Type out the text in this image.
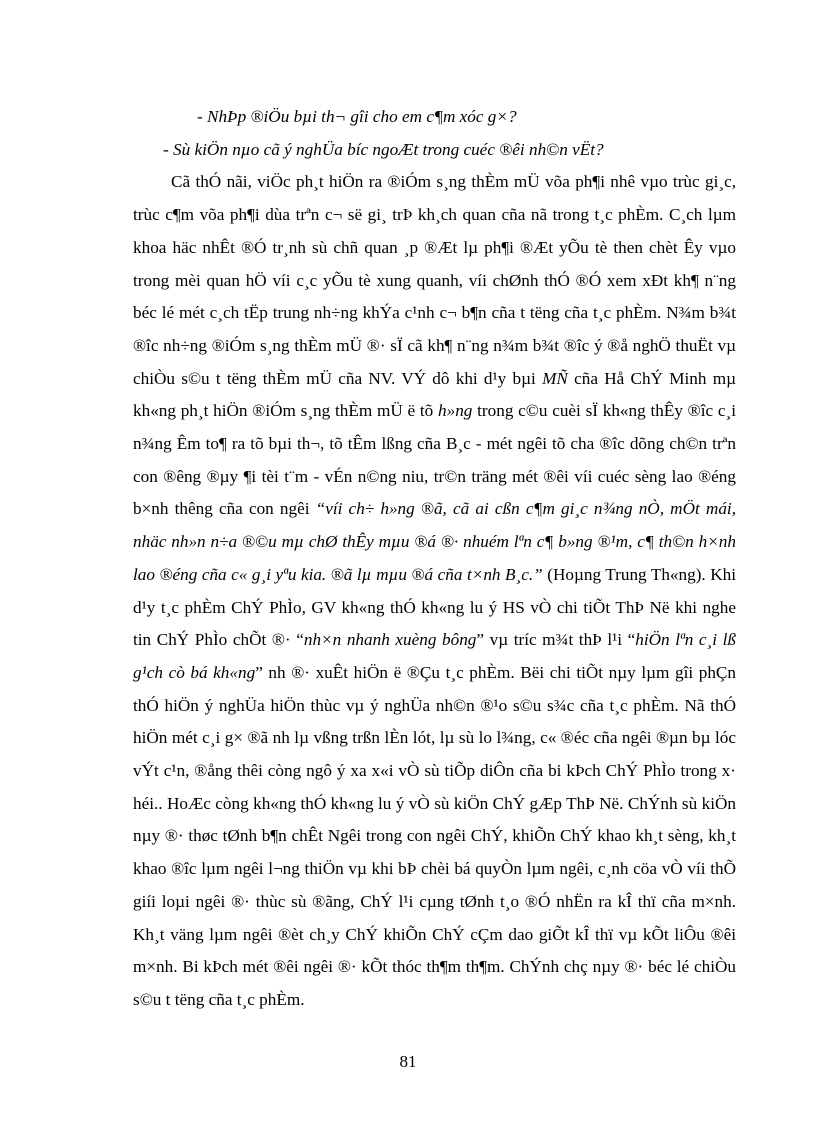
- NhÞp ®iÖu bµi th¬ gîi cho em c¶m xóc g×?

- Sù kiÖn nµo cã ý nghÜa bíc ngoÆt trong cuéc ®êi nh©n vËt?

Cã thÓ nãi, viÖc ph¸t hiÖn ra ®iÓm s¸ng thÈm mÜ võa ph¶i nhê vµo trùc gi¸c, trùc c¶m võa ph¶i dùa trªn c¬ së gi¸ trÞ kh¸ch quan cña nã trong t¸c phÈm. C¸ch lµm khoa häc nhÊt ®Ó tr¸nh sù chñ quan ¸p ®Æt lµ ph¶i ®Æt yÕu tè then chèt Êy vµo trong mèi quan hÖ víi c¸c yÕu tè xung quanh, víi chØnh thÓ ®Ó xem xÐt kh¶ n¨ng béc lé mét c¸ch tËp trung nh÷ng khÝa c¹nh c¬ b¶n cña t tëng cña t¸c phÈm. N¾m b¾t ®îc nh÷ng ®iÓm s¸ng thÈm mÜ ®· sÏ cã kh¶ n¨ng n¾m b¾t ®îc ý ®å nghÖ thuËt vµ chiÒu s©u t tëng thÈm mÜ cña NV. VÝ dô khi d¹y bµi MÑ cña Hå ChÝ Minh mµ kh«ng ph¸t hiÖn ®iÓm s¸ng thÈm mÜ ë tõ h»ng trong c©u cuèi sÏ kh«ng thÊy ®îc c¸i n¾ng Êm to¶ ra tõ bµi th¬, tõ tÊm lßng cña B¸c - mét ngêi tõ cha ®îc dõng ch©n trªn con ®êng ®µy ¶i tèi t¨m - vÉn n©ng niu, tr©n träng mét ®êi víi cuéc sèng lao ®éng b×nh thêng cña con ngêi “víi ch÷ h»ng ®ã, cã ai cßn c¶m gi¸c n¾ng nÒ, mÖt mái, nhäc nh»n n÷a ®©u mµ chØ thÊy mµu ®á ®· nhuém lªn c¶ b»ng ®¹m, c¶ th©n h×nh lao ®éng cña c« g¸i yªu kia. ®ã lµ mµu ®á cña t×nh B¸c.” (Hoµng Trung Th«ng). Khi d¹y t¸c phÈm ChÝ PhÌo, GV kh«ng thÓ kh«ng lu ý HS vÒ chi tiÕt ThÞ Në khi nghe tin ChÝ PhÌo chÕt ®· “nh×n nhanh xuèng bông” vµ tríc m¾t thÞ l¹i “hiÖn lªn c¸i lß g¹ch cò bá kh«ng” nh ®· xuÊt hiÖn ë ®Çu t¸c phÈm. Bëi chi tiÕt nµy lµm gîi phÇn thÓ hiÖn ý nghÜa hiÖn thùc vµ ý nghÜa nh©n ®¹o s©u s¾c cña t¸c phÈm. Nã thÓ hiÖn mét c¸i g× ®ã nh lµ vßng trßn lÈn lót, lµ sù lo l¾ng, c« ®éc cña ngêi ®µn bµ lóc vÝt c¹n, ®ång thêi còng ngô ý xa x«i vÒ sù tiÕp diÔn cña bi kÞch ChÝ PhÌo trong x· héi.. HoÆc còng kh«ng thÓ kh«ng lu ý vÒ sù kiÖn ChÝ gÆp ThÞ Në. ChÝnh sù kiÖn nµy ®· thøc tØnh b¶n chÊt Ngêi trong con ngêi ChÝ, khiÕn ChÝ khao kh¸t sèng, kh¸t khao ®îc lµm ngêi l¬ng thiÖn vµ khi bÞ chèi bá quyÒn lµm ngêi, c¸nh cöa vÒ víi thÕ giíi loµi ngêi ®· thùc sù ®ãng, ChÝ l¹i cµng tØnh t¸o ®Ó nhËn ra kÎ thï cña m×nh. Kh¸t väng lµm ngêi ®èt ch¸y ChÝ khiÕn ChÝ cÇm dao giÕt kÎ thï vµ kÕt liÔu ®êi m×nh. Bi kÞch mét ®êi ngêi ®· kÕt thóc th¶m th¶m. ChÝnh chç nµy ®· béc lé chiÒu s©u t tëng cña t¸c phÈm.

81
